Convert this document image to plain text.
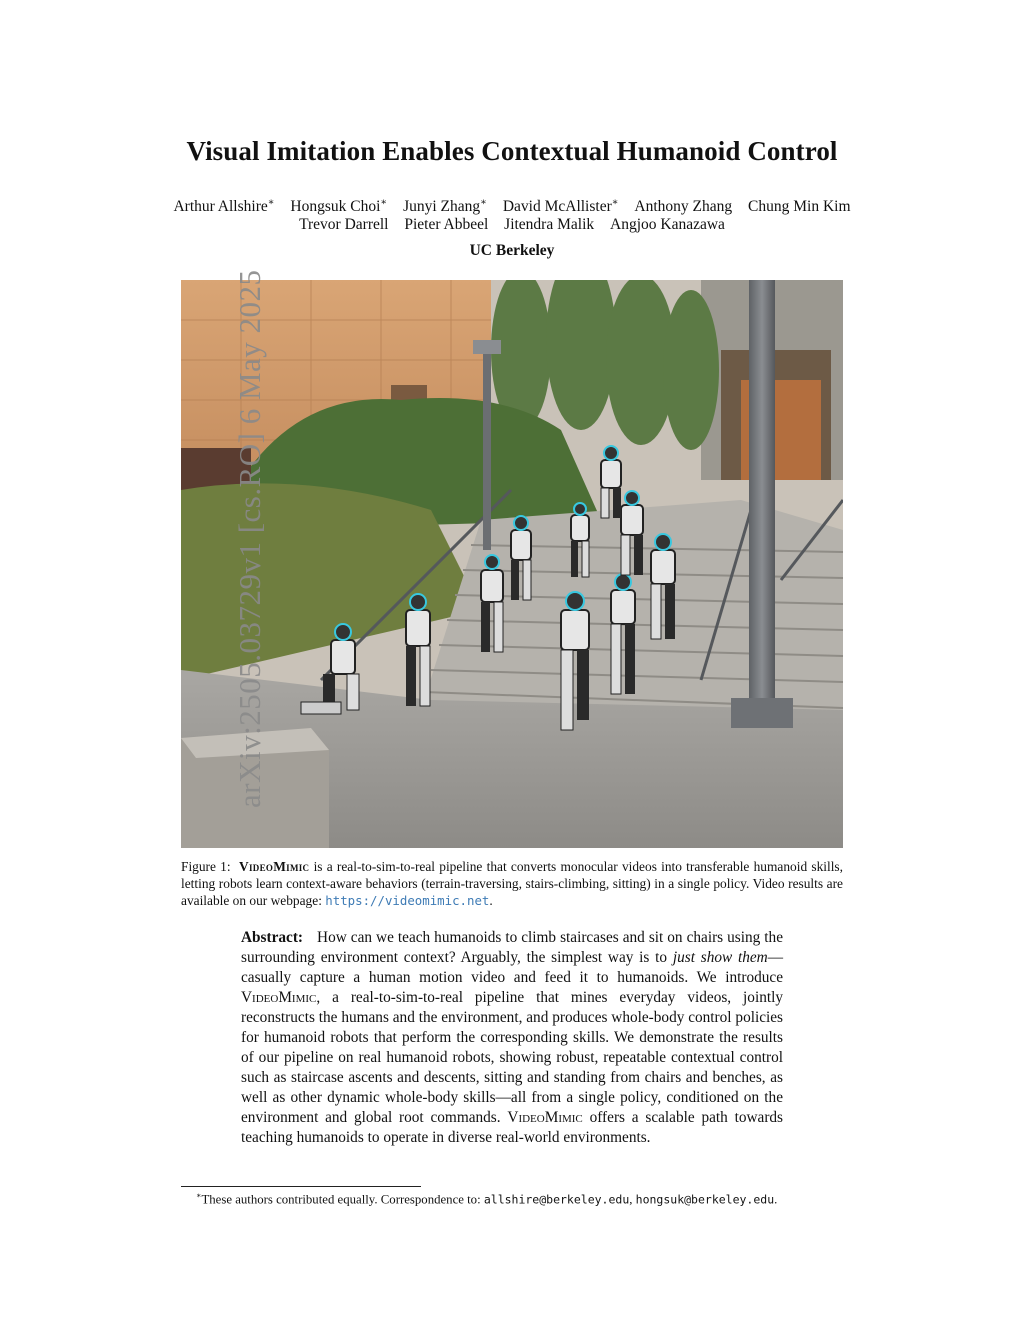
Visual Imitation Enables Contextual Humanoid Control
Arthur Allshire∗ Hongsuk Choi∗ Junyi Zhang∗ David McAllister∗ Anthony Zhang Chung Min Kim
Trevor Darrell Pieter Abbeel Jitendra Malik Angjoo Kanazawa
UC Berkeley
arXiv:2505.03729v1 [cs.RO] 6 May 2025
Figure 1: VideoMimic is a real-to-sim-to-real pipeline that converts monocular videos into transferable humanoid skills, letting robots learn context-aware behaviors (terrain-traversing, stairs-climbing, sitting) in a single policy. Video results are available on our webpage: https://videomimic.net.
Abstract: How can we teach humanoids to climb staircases and sit on chairs using the surrounding environment context? Arguably, the simplest way is to just show them—casually capture a human motion video and feed it to humanoids. We introduce VideoMimic, a real-to-sim-to-real pipeline that mines everyday videos, jointly reconstructs the humans and the environment, and produces whole-body control policies for humanoid robots that perform the corresponding skills. We demonstrate the results of our pipeline on real humanoid robots, showing robust, repeatable contextual control such as staircase ascents and descents, sitting and standing from chairs and benches, as well as other dynamic whole-body skills—all from a single policy, conditioned on the environment and global root commands. VideoMimic offers a scalable path towards teaching humanoids to operate in diverse real-world environments.
∗These authors contributed equally. Correspondence to: allshire@berkeley.edu, hongsuk@berkeley.edu.
